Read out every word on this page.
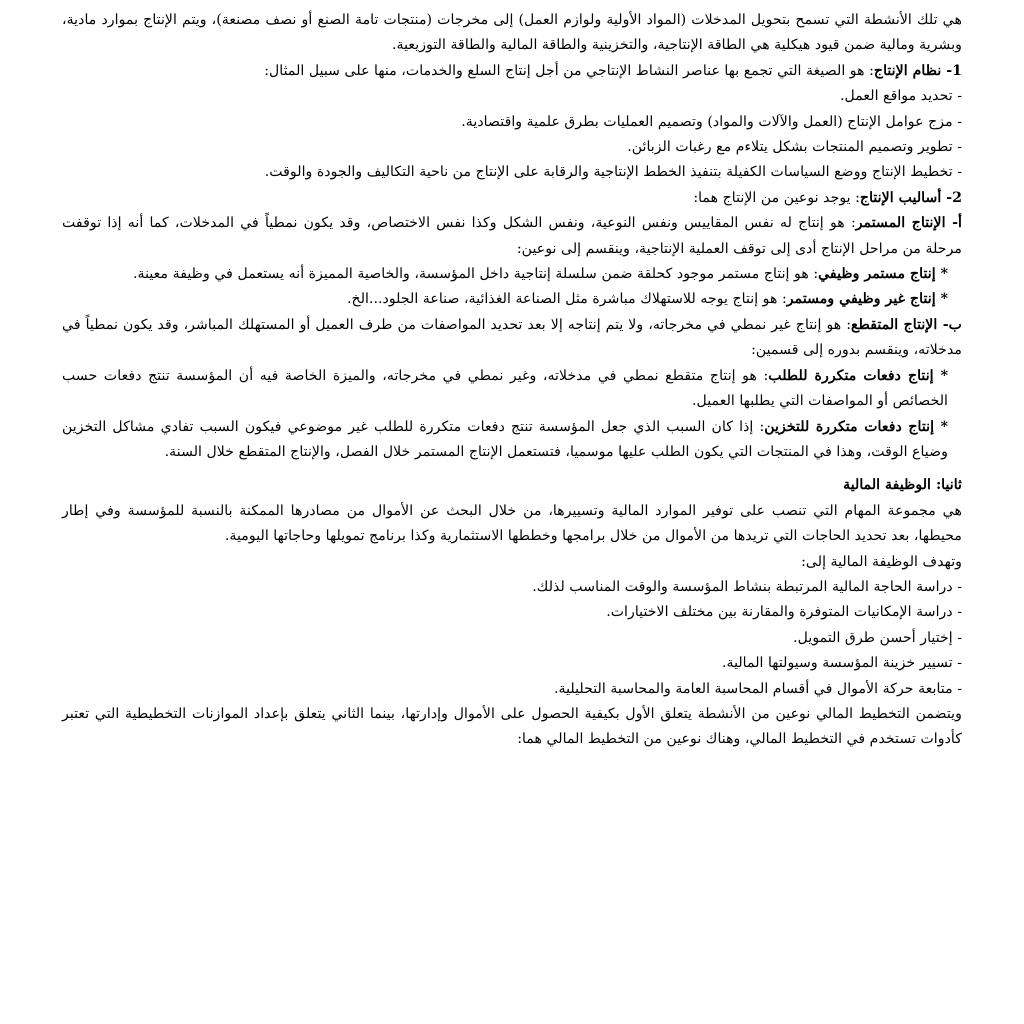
هي تلك الأنشطة التي تسمح بتحويل المدخلات (المواد الأولية ولوازم العمل) إلى مخرجات (منتجات تامة الصنع أو نصف مصنعة)، ويتم الإنتاج بموارد مادية، وبشرية ومالية ضمن قيود هيكلية هي الطاقة الإنتاجية، والتخزينية والطاقة المالية والطاقة التوزيعية.

1- نظام الإنتاج: هو الصيغة التي تجمع بها عناصر النشاط الإنتاجي من أجل إنتاج السلع والخدمات، منها على سبيل المثال:

- تحديد مواقع العمل.

- مزج عوامل الإنتاج (العمل والآلات والمواد) وتصميم العمليات بطرق علمية واقتصادية.

- تطوير وتصميم المنتجات بشكل يتلاءم مع رغبات الزبائن.

- تخطيط الإنتاج ووضع السياسات الكفيلة بتنفيذ الخطط الإنتاجية والرقابة على الإنتاج من ناحية التكاليف والجودة والوقت.

2- أساليب الإنتاج: يوجد نوعين من الإنتاج هما:

أ- الإنتاج المستمر: هو إنتاج له نفس المقاييس ونفس النوعية، ونفس الشكل وكذا نفس الاختصاص، وقد يكون نمطياً في المدخلات، كما أنه إذا توقفت مرحلة من مراحل الإنتاج أدى إلى توقف العملية الإنتاجية، وينقسم إلى نوعين:

* إنتاج مستمر وظيفي: هو إنتاج مستمر موجود كحلقة ضمن سلسلة إنتاجية داخل المؤسسة، والخاصية المميزة أنه يستعمل في وظيفة معينة.

* إنتاج غير وظيفي ومستمر: هو إنتاج يوجه للاستهلاك مباشرة مثل الصناعة الغذائية، صناعة الجلود...الخ.

ب- الإنتاج المتقطع: هو إنتاج غير نمطي في مخرجاته، ولا يتم إنتاجه إلا بعد تحديد المواصفات من طرف العميل أو المستهلك المباشر، وقد يكون نمطياً في مدخلاته، وينقسم بدوره إلى قسمين:

* إنتاج دفعات متكررة للطلب: هو إنتاج متقطع نمطي في مدخلاته، وغير نمطي في مخرجاته، والميزة الخاصة فيه أن المؤسسة تنتج دفعات حسب الخصائص أو المواصفات التي يطلبها العميل.

* إنتاج دفعات متكررة للتخزين: إذا كان السبب الذي جعل المؤسسة تنتج دفعات متكررة للطلب غير موضوعي فيكون السبب تفادي مشاكل التخزين وضياع الوقت، وهذا في المنتجات التي يكون الطلب عليها موسميا، فتستعمل الإنتاج المستمر خلال الفصل، والإنتاج المتقطع خلال السنة.

ثانيا: الوظيفة المالية

هي مجموعة المهام التي تنصب على توفير الموارد المالية وتسييرها، من خلال البحث عن الأموال من مصادرها الممكنة بالنسبة للمؤسسة وفي إطار محيطها، بعد تحديد الحاجات التي تريدها من الأموال من خلال برامجها وخططها الاستثمارية وكذا برنامج تمويلها وحاجاتها اليومية.

وتهدف الوظيفة المالية إلى:

- دراسة الحاجة المالية المرتبطة بنشاط المؤسسة والوقت المناسب لذلك.

- دراسة الإمكانيات المتوفرة والمقارنة بين مختلف الاختيارات.

- إختيار أحسن طرق التمويل.

- تسيير خزينة المؤسسة وسيولتها المالية.

- متابعة حركة الأموال في أقسام المحاسبة العامة والمحاسبة التحليلية.

ويتضمن التخطيط المالي نوعين من الأنشطة يتعلق الأول بكيفية الحصول على الأموال وإدارتها، بينما الثاني يتعلق بإعداد الموازنات التخطيطية التي تعتبر كأدوات تستخدم في التخطيط المالي، وهناك نوعين من التخطيط المالي هما:
